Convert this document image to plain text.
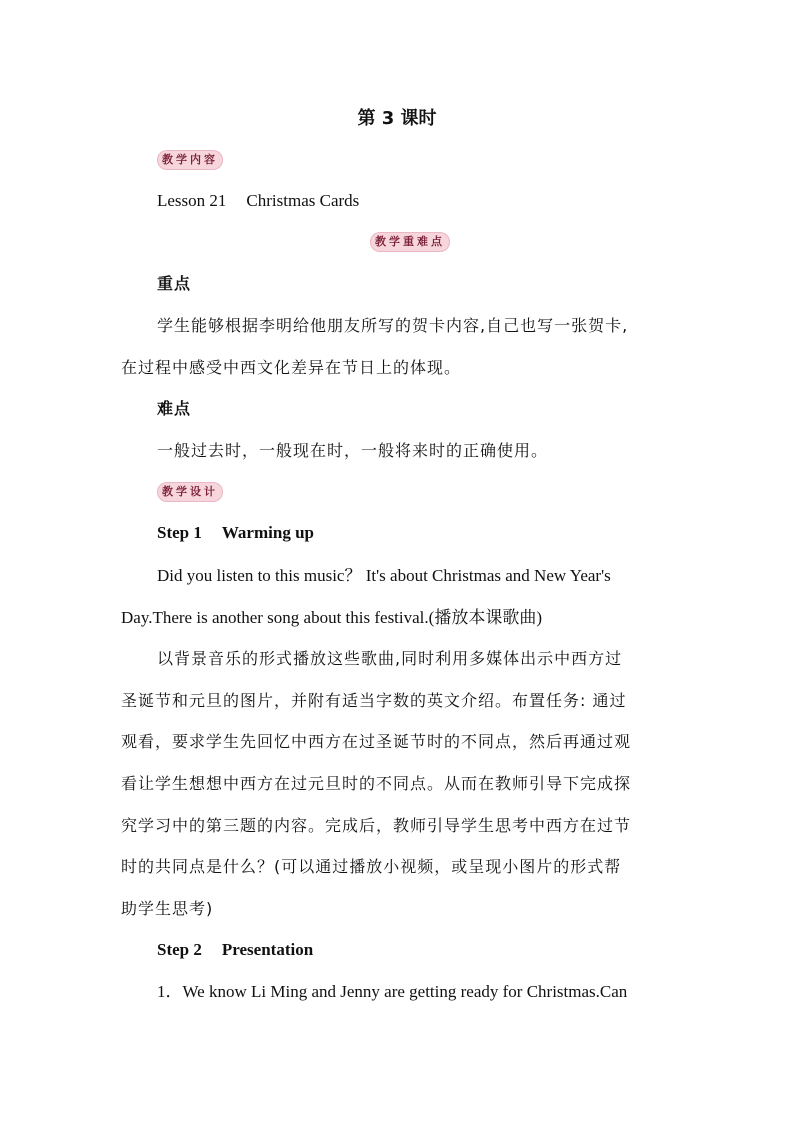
第 3 课时
教学内容
Lesson 21 Christmas Cards
教学重难点
重点
学生能够根据李明给他朋友所写的贺卡内容,自己也写一张贺卡,
在过程中感受中西文化差异在节日上的体现。
难点
一般过去时，一般现在时，一般将来时的正确使用。
教学设计
Step 1 Warming up
Did you listen to this music？ It's about Christmas and New Year's
Day.There is another song about this festival.(播放本课歌曲)
以背景音乐的形式播放这些歌曲,同时利用多媒体出示中西方过
圣诞节和元旦的图片，并附有适当字数的英文介绍。布置任务: 通过
观看，要求学生先回忆中西方在过圣诞节时的不同点，然后再通过观
看让学生想想中西方在过元旦时的不同点。从而在教师引导下完成探
究学习中的第三题的内容。完成后，教师引导学生思考中西方在过节
时的共同点是什么？(可以通过播放小视频，或呈现小图片的形式帮
助学生思考)
Step 2 Presentation
1．We know Li Ming and Jenny are getting ready for Christmas.Can
